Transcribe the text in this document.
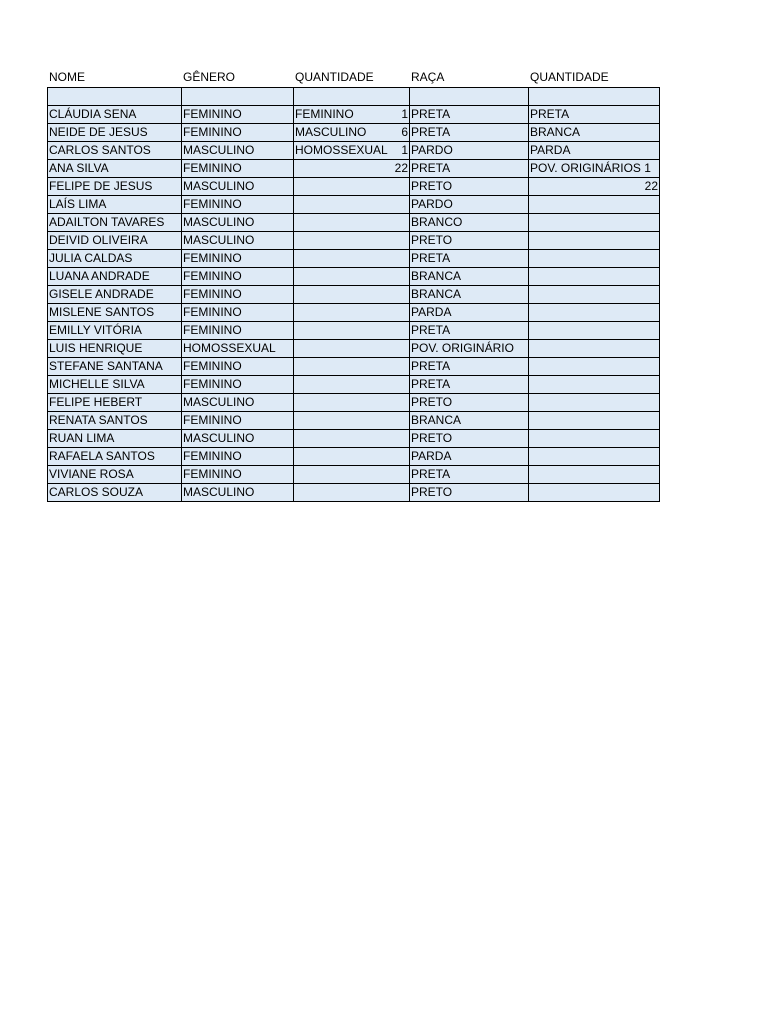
NOME	GÊNERO	QUANTIDADE	RAÇA	QUANTIDADE

CLÁUDIA SENA	FEMININO	FEMININO 1	PRETA	PRETA

NEIDE DE JESUS	FEMININO	MASCULINO 6	PRETA	BRANCA

CARLOS SANTOS	MASCULINO	HOMOSSEXUAL 1	PARDO	PARDA

ANA SILVA	FEMININO	22	PRETA	POV. ORIGINÁRIOS 1

FELIPE DE JESUS	MASCULINO		PRETO	22

LAÍS LIMA	FEMININO		PARDO	

ADAILTON TAVARES	MASCULINO		BRANCO	

DEIVID OLIVEIRA	MASCULINO		PRETO	

JULIA CALDAS	FEMININO		PRETA	

LUANA ANDRADE	FEMININO		BRANCA	

GISELE ANDRADE	FEMININO		BRANCA	

MISLENE SANTOS	FEMININO		PARDA	

EMILLY VITÓRIA	FEMININO		PRETA	

LUIS HENRIQUE	HOMOSSEXUAL		POV. ORIGINÁRIO	

STEFANE SANTANA	FEMININO		PRETA	

MICHELLE SILVA	FEMININO		PRETA	

FELIPE HEBERT	MASCULINO		PRETO	

RENATA SANTOS	FEMININO		BRANCA	

RUAN LIMA	MASCULINO		PRETO	

RAFAELA SANTOS	FEMININO		PARDA	

VIVIANE ROSA	FEMININO		PRETA	

CARLOS SOUZA	MASCULINO		PRETO	
